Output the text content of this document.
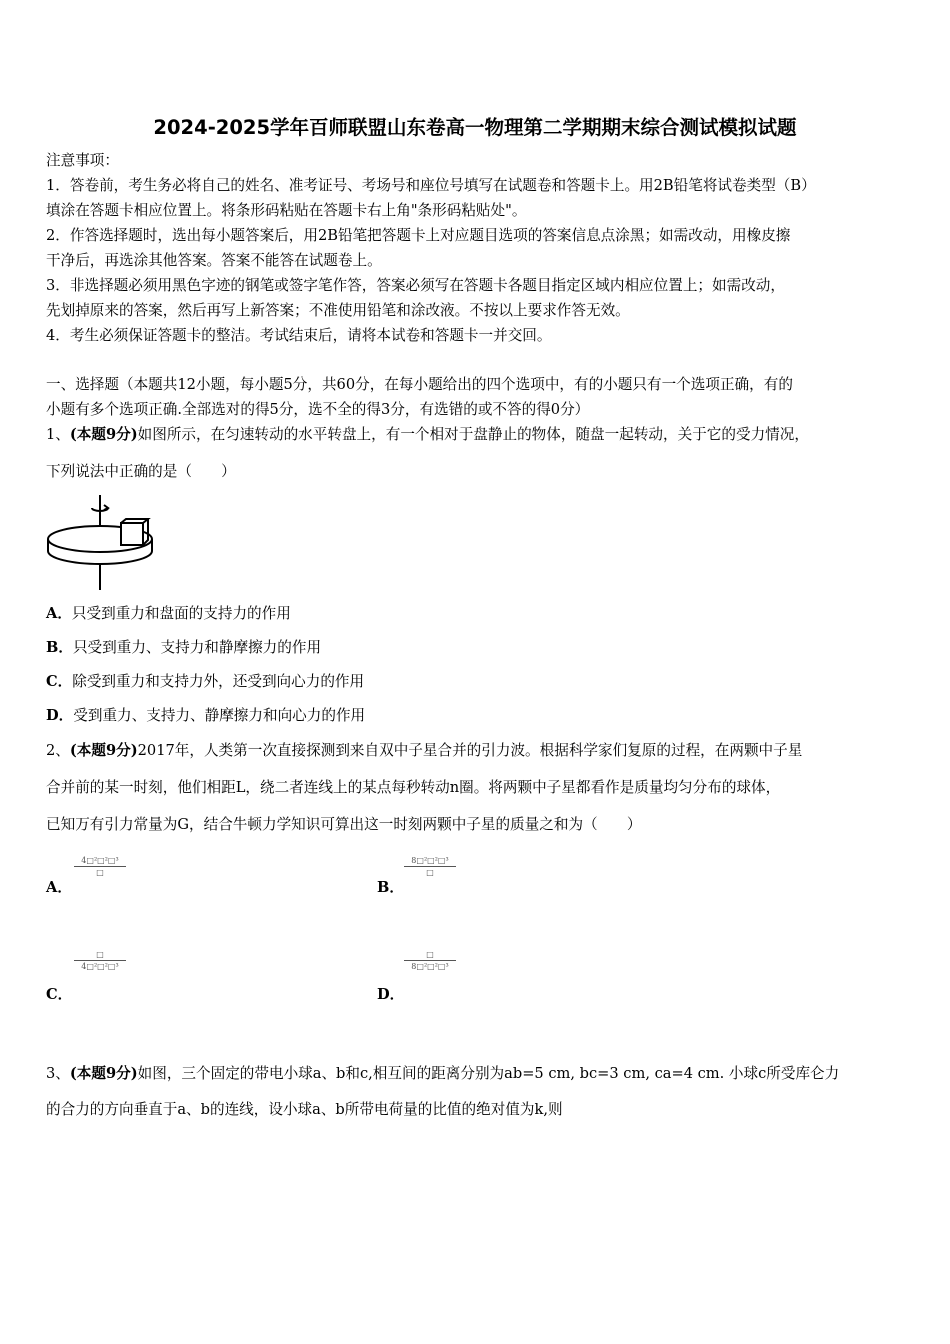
2024-2025学年百师联盟山东卷高一物理第二学期期末综合测试模拟试题
注意事项：
1．答卷前，考生务必将自己的姓名、准考证号、考场号和座位号填写在试题卷和答题卡上。用2B铅笔将试卷类型（B）
填涂在答题卡相应位置上。将条形码粘贴在答题卡右上角"条形码粘贴处"。
2．作答选择题时，选出每小题答案后，用2B铅笔把答题卡上对应题目选项的答案信息点涂黑；如需改动，用橡皮擦
干净后，再选涂其他答案。答案不能答在试题卷上。
3．非选择题必须用黑色字迹的钢笔或签字笔作答，答案必须写在答题卡各题目指定区域内相应位置上；如需改动，
先划掉原来的答案，然后再写上新答案；不准使用铅笔和涂改液。不按以上要求作答无效。
4．考生必须保证答题卡的整洁。考试结束后，请将本试卷和答题卡一并交回。
一、选择题（本题共12小题，每小题5分，共60分，在每小题给出的四个选项中，有的小题只有一个选项正确，有的
小题有多个选项正确.全部选对的得5分，选不全的得3分，有选错的或不答的得0分）
1、(本题9分)如图所示，在匀速转动的水平转盘上，有一个相对于盘静止的物体，随盘一起转动，关于它的受力情况，
下列说法中正确的是（　　）
A．只受到重力和盘面的支持力的作用
B．只受到重力、支持力和静摩擦力的作用
C．除受到重力和支持力外，还受到向心力的作用
D．受到重力、支持力、静摩擦力和向心力的作用
2、(本题9分)2017年，人类第一次直接探测到来自双中子星合并的引力波。根据科学家们复原的过程，在两颗中子星
合并前的某一时刻，他们相距L，绕二者连线上的某点每秒转动n圈。将两颗中子星都看作是质量均匀分布的球体，
已知万有引力常量为G，结合牛顿力学知识可算出这一时刻两颗中子星的质量之和为（　　）
A．
4□²□²□³
□
B．
8□²□²□³
□
C．
□
4□²□²□³
D．
□
8□²□²□³
3、(本题9分)如图，三个固定的带电小球a、b和c,相互间的距离分别为ab=5 cm, bc=3 cm, ca=4 cm. 小球c所受库仑力
的合力的方向垂直于a、b的连线，设小球a、b所带电荷量的比值的绝对值为k,则
